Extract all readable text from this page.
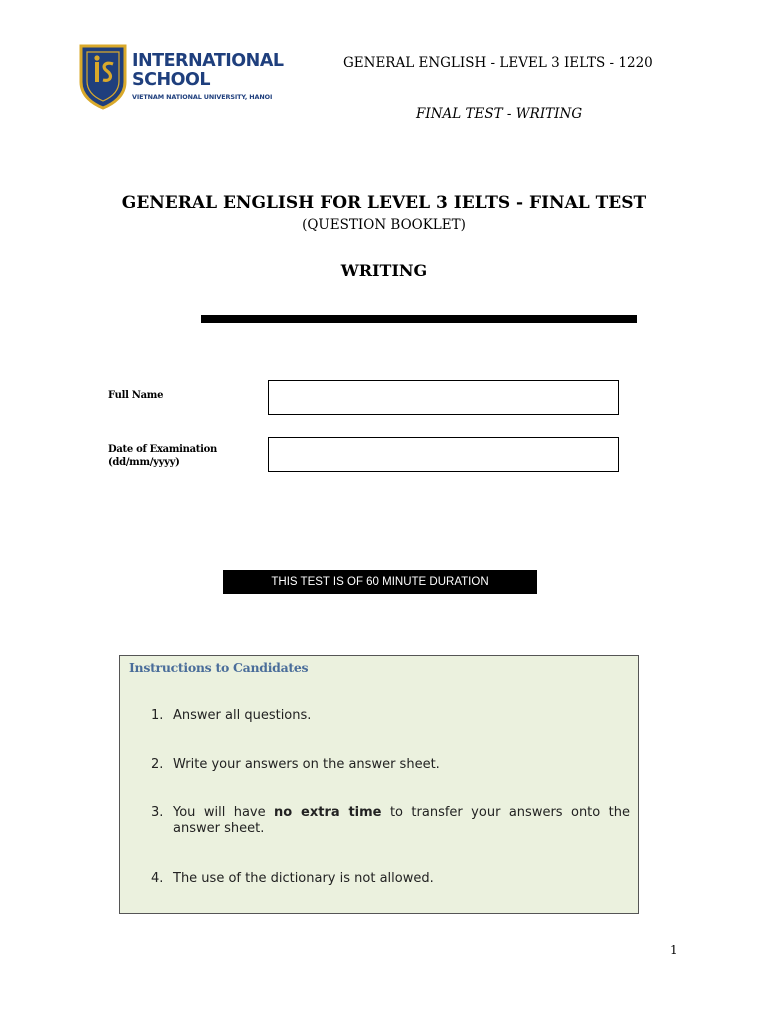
INTERNATIONAL
SCHOOL
VIETNAM NATIONAL UNIVERSITY, HANOI
GENERAL ENGLISH - LEVEL 3 IELTS - 1220
FINAL TEST - WRITING
GENERAL ENGLISH FOR LEVEL 3 IELTS - FINAL TEST
(QUESTION BOOKLET)
WRITING
Full Name
Date of Examination
(dd/mm/yyyy)
THIS TEST IS OF 60 MINUTE DURATION
Instructions to Candidates
1. Answer all questions.
2. Write your answers on the answer sheet.
3. You will have no extra time to transfer your answers onto the answer sheet.
4. The use of the dictionary is not allowed.
1
